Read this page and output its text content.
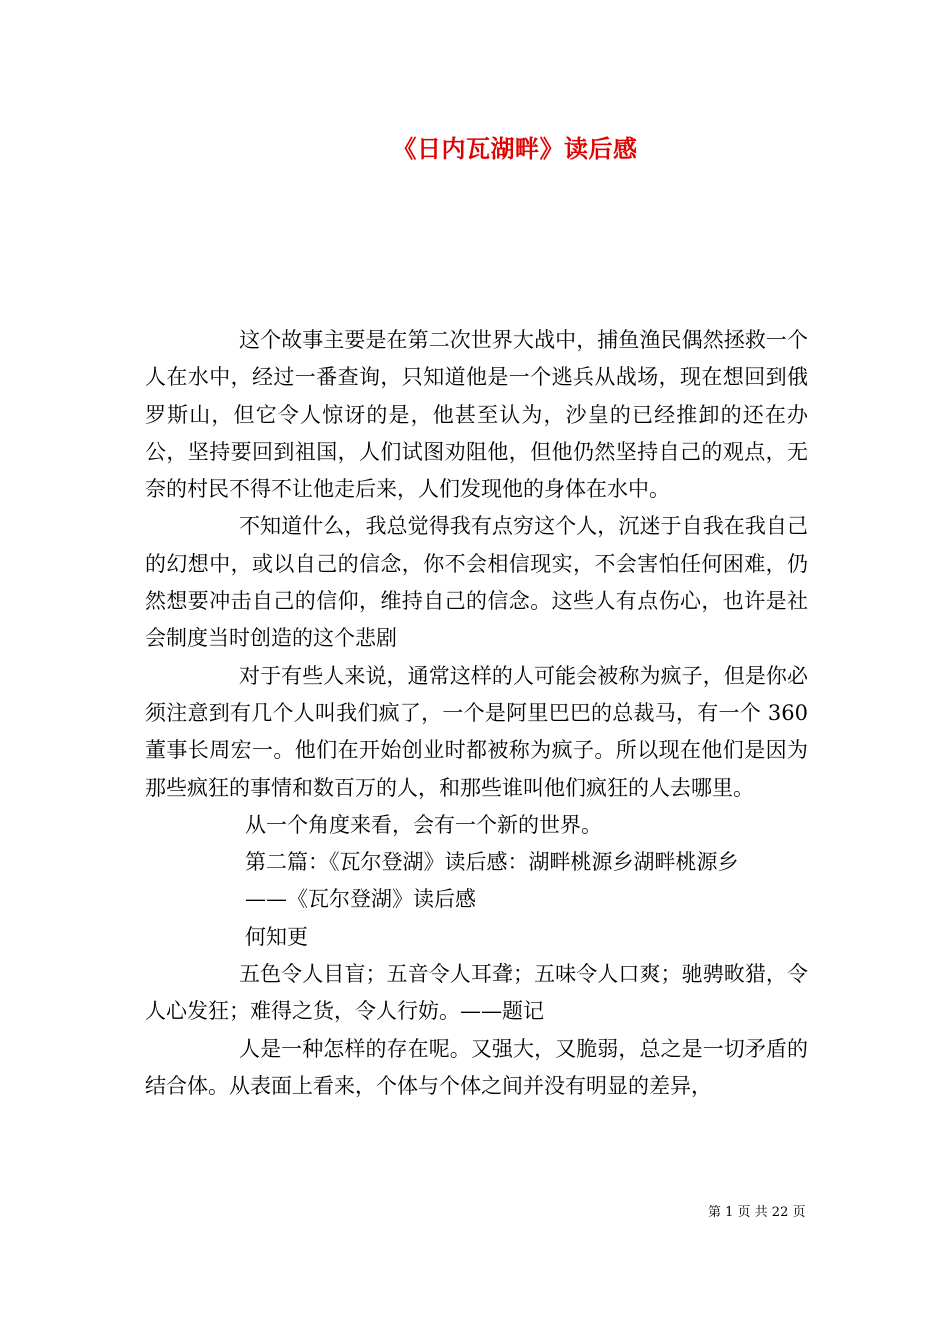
《日内瓦湖畔》读后感

这个故事主要是在第二次世界大战中，捕鱼渔民偶然拯救一个人在水中，经过一番查询，只知道他是一个逃兵从战场，现在想回到俄罗斯山，但它令人惊讶的是，他甚至认为，沙皇的已经推卸的还在办公，坚持要回到祖国，人们试图劝阻他，但他仍然坚持自己的观点，无奈的村民不得不让他走后来，人们发现他的身体在水中。

不知道什么，我总觉得我有点穷这个人，沉迷于自我在我自己的幻想中，或以自己的信念，你不会相信现实，不会害怕任何困难，仍然想要冲击自己的信仰，维持自己的信念。这些人有点伤心，也许是社会制度当时创造的这个悲剧

对于有些人来说，通常这样的人可能会被称为疯子，但是你必须注意到有几个人叫我们疯了，一个是阿里巴巴的总裁马，有一个 360 董事长周宏一。他们在开始创业时都被称为疯子。所以现在他们是因为那些疯狂的事情和数百万的人，和那些谁叫他们疯狂的人去哪里。

从一个角度来看，会有一个新的世界。

第二篇：《瓦尔登湖》读后感：湖畔桃源乡湖畔桃源乡

——《瓦尔登湖》读后感

何知更

五色令人目盲；五音令人耳聋；五味令人口爽；驰骋畋猎，令人心发狂；难得之货，令人行妨。——题记

人是一种怎样的存在呢。又强大，又脆弱，总之是一切矛盾的结合体。从表面上看来，个体与个体之间并没有明显的差异，

第 1 页 共 22 页
